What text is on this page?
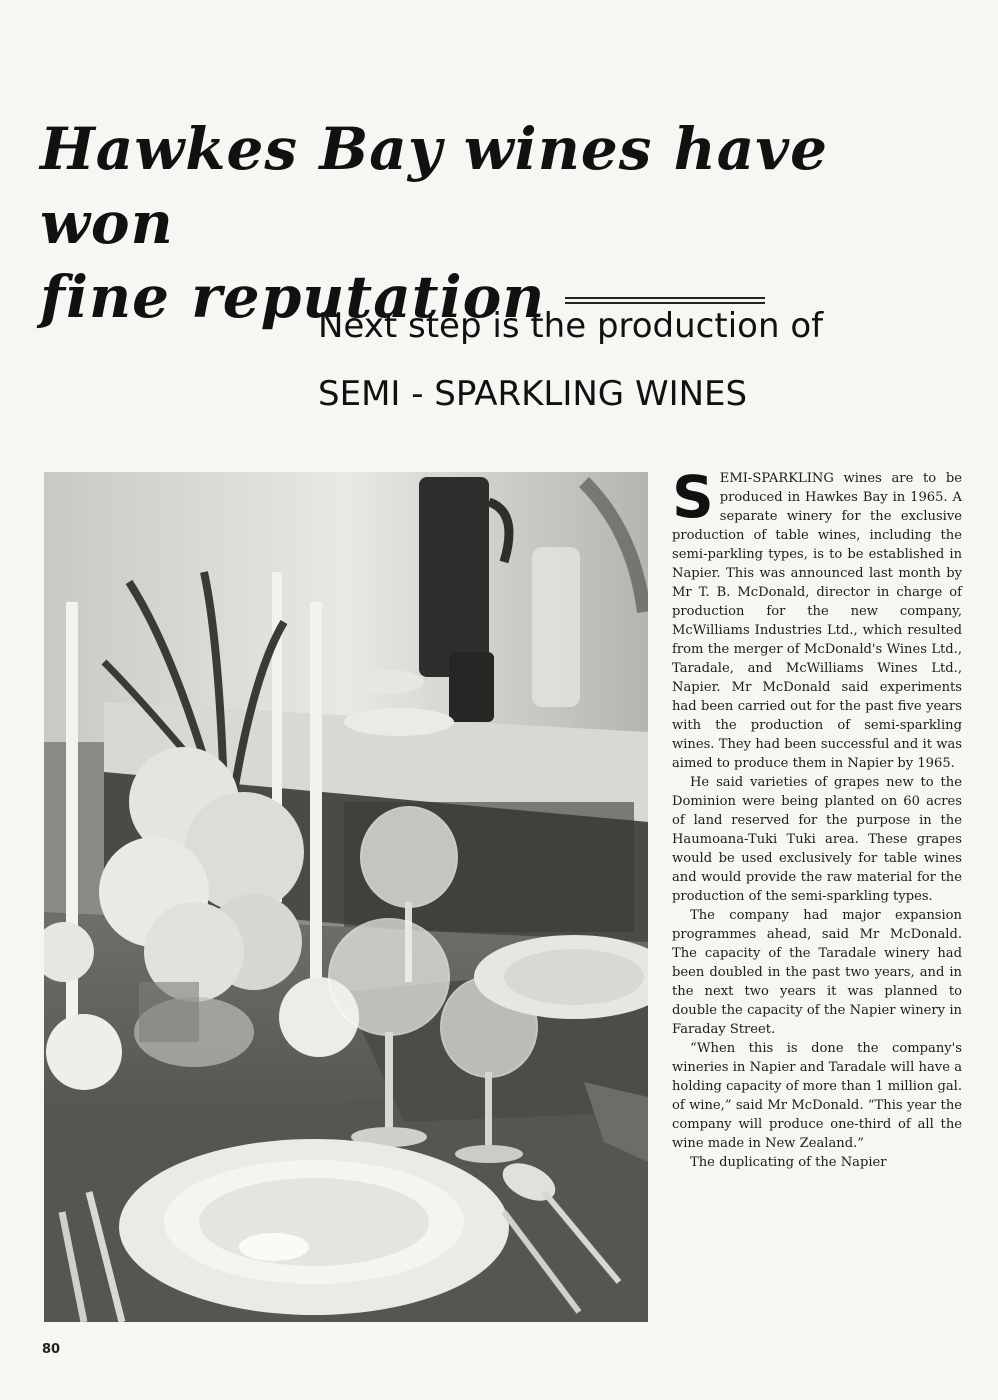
Hawkes Bay wines have won
fine reputation
Next step is the production of
SEMI - SPARKLING WINES

SEMI-SPARKLING wines are to be produced in Hawkes Bay in 1965. A separate winery for the exclusive production of table wines, including the semi-parkling types, is to be established in Napier. This was announced last month by Mr T. B. McDonald, director in charge of production for the new company, McWilliams Industries Ltd., which resulted from the merger of McDonald's Wines Ltd., Taradale, and McWilliams Wines Ltd., Napier. Mr McDonald said experiments had been carried out for the past five years with the production of semi-sparkling wines. They had been successful and it was aimed to produce them in Napier by 1965.

He said varieties of grapes new to the Dominion were being planted on 60 acres of land reserved for the purpose in the Haumoana-Tuki Tuki area. These grapes would be used exclusively for table wines and would provide the raw material for the production of the semi-sparkling types.

The company had major expansion programmes ahead, said Mr McDonald. The capacity of the Taradale winery had been doubled in the past two years, and in the next two years it was planned to double the capacity of the Napier winery in Faraday Street.

“When this is done the company's wineries in Napier and Taradale will have a holding capacity of more than 1 million gal. of wine,” said Mr McDonald. “This year the company will produce one-third of all the wine made in New Zealand.”

The duplicating of the Napier

80
